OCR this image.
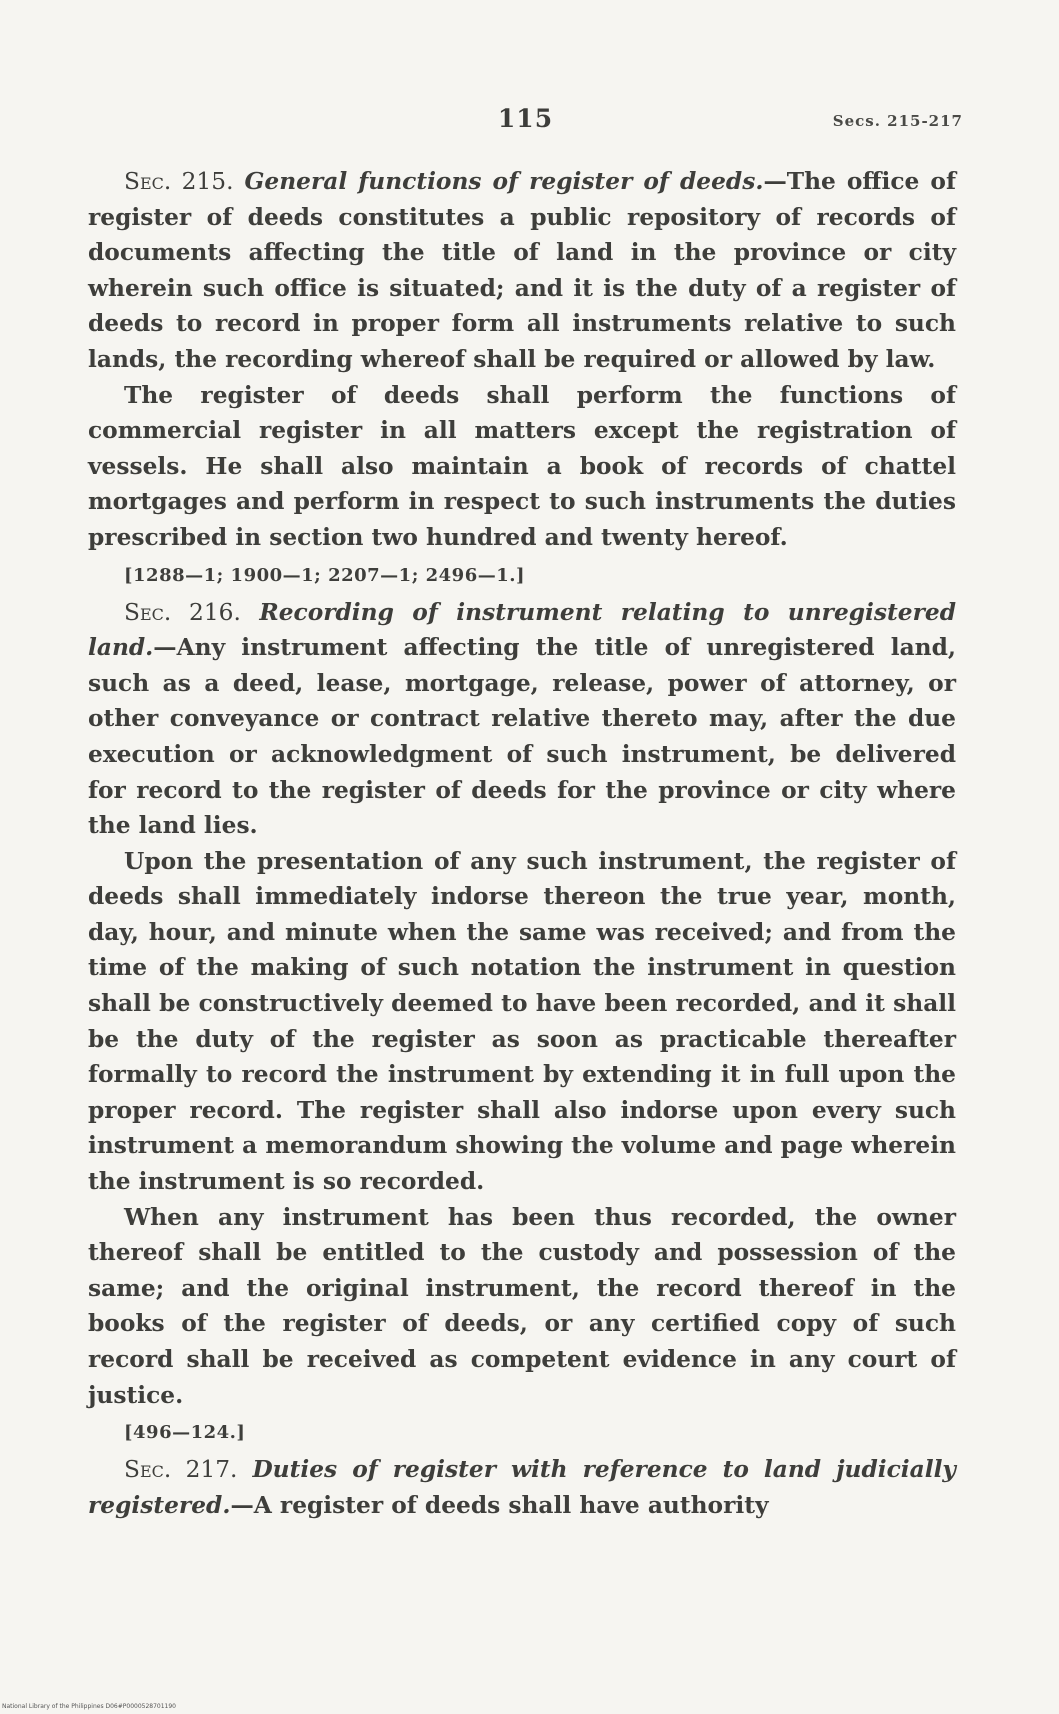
115	Secs. 215-217

Sec. 215. General functions of register of deeds.—The office of register of deeds constitutes a public repository of records of documents affecting the title of land in the province or city wherein such office is situated; and it is the duty of a register of deeds to record in proper form all instruments relative to such lands, the recording whereof shall be required or allowed by law.

The register of deeds shall perform the functions of commercial register in all matters except the registration of vessels. He shall also maintain a book of records of chattel mortgages and perform in respect to such instruments the duties prescribed in section two hundred and twenty hereof.

[1288—1; 1900—1; 2207—1; 2496—1.]

Sec. 216. Recording of instrument relating to unregistered land.—Any instrument affecting the title of unregistered land, such as a deed, lease, mortgage, release, power of attorney, or other conveyance or contract relative thereto may, after the due execution or acknowledgment of such instrument, be delivered for record to the register of deeds for the province or city where the land lies.

Upon the presentation of any such instrument, the register of deeds shall immediately indorse thereon the true year, month, day, hour, and minute when the same was received; and from the time of the making of such notation the instrument in question shall be constructively deemed to have been recorded, and it shall be the duty of the register as soon as practicable thereafter formally to record the instrument by extending it in full upon the proper record. The register shall also indorse upon every such instrument a memorandum showing the volume and page wherein the instrument is so recorded.

When any instrument has been thus recorded, the owner thereof shall be entitled to the custody and possession of the same; and the original instrument, the record thereof in the books of the register of deeds, or any certified copy of such record shall be received as competent evidence in any court of justice.

[496—124.]

Sec. 217. Duties of register with reference to land judicially registered.—A register of deeds shall have authority

National Library of the Philippines D06#P0000528701190
